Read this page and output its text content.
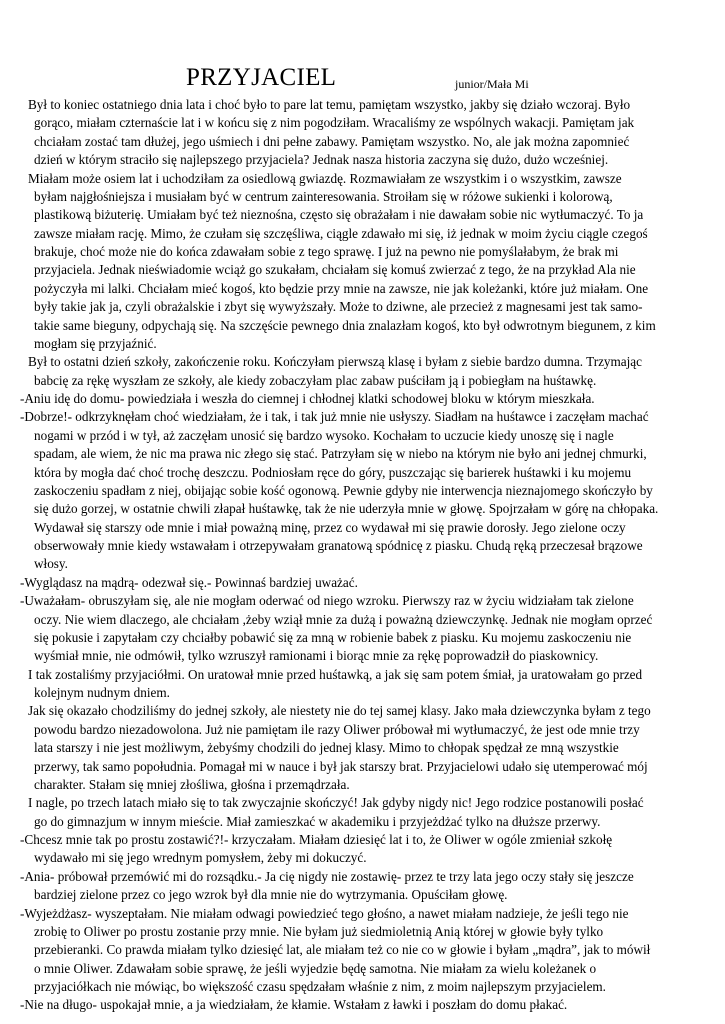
PRZYJACIEL	junior/Mała Mi
Był to koniec ostatniego dnia lata i choć było to pare lat temu, pamiętam wszystko, jakby się działo wczoraj. Było
gorąco, miałam czternaście lat i w końcu się z nim pogodziłam. Wracaliśmy ze wspólnych wakacji. Pamiętam jak
chciałam zostać tam dłużej, jego uśmiech i dni pełne zabawy. Pamiętam wszystko. No, ale jak można zapomnieć
dzień w którym straciło się najlepszego przyjaciela? Jednak nasza historia zaczyna się dużo, dużo wcześniej.
Miałam może osiem lat i uchodziłam za osiedlową gwiazdę. Rozmawiałam ze wszystkim i o wszystkim, zawsze
byłam najgłośniejsza i musiałam być w centrum zainteresowania. Stroiłam się w różowe sukienki i kolorową,
plastikową biżuterię. Umiałam być też nieznośna, często się obrażałam i nie dawałam sobie nic wytłumaczyć. To ja
zawsze miałam rację. Mimo, że czułam się szczęśliwa, ciągle zdawało mi się, iż jednak w moim życiu ciągle czegoś
brakuje, choć może nie do końca zdawałam sobie z tego sprawę. I już na pewno nie pomyślałabym, że brak mi
przyjaciela. Jednak nieświadomie wciąż go szukałam, chciałam się komuś zwierzać z tego, że na przykład Ala nie
pożyczyła mi lalki. Chciałam mieć kogoś, kto będzie przy mnie na zawsze, nie jak koleżanki, które już miałam. One
były takie jak ja, czyli obrażalskie i zbyt się wywyższały. Może to dziwne, ale przecież z magnesami jest tak samo-
takie same bieguny, odpychają się. Na szczęście pewnego dnia znalazłam kogoś, kto był odwrotnym biegunem, z kim
mogłam się przyjaźnić.
Był to ostatni dzień szkoły, zakończenie roku. Kończyłam pierwszą klasę i byłam z siebie bardzo dumna. Trzymając
babcię za rękę wyszłam ze szkoły, ale kiedy zobaczyłam plac zabaw puściłam ją i pobiegłam na huśtawkę.
-Aniu idę do domu- powiedziała i weszła do ciemnej i chłodnej klatki schodowej bloku w którym mieszkała.
-Dobrze!- odkrzyknęłam choć wiedziałam, że i tak, i tak już mnie nie usłyszy. Siadłam na huśtawce i zaczęłam machać
nogami w przód i w tył, aż zaczęłam unosić się bardzo wysoko. Kochałam to uczucie kiedy unoszę się i nagle
spadam, ale wiem, że nic ma prawa nic złego się stać. Patrzyłam się w niebo na którym nie było ani jednej chmurki,
która by mogła dać choć trochę deszczu. Podniosłam ręce do góry, puszczając się barierek huśtawki i ku mojemu
zaskoczeniu spadłam z niej, obijając sobie kość ogonową. Pewnie gdyby nie interwencja nieznajomego skończyło by
się dużo gorzej, w ostatnie chwili złapał huśtawkę, tak że nie uderzyła mnie w głowę. Spojrzałam w górę na chłopaka.
Wydawał się starszy ode mnie i miał poważną minę, przez co wydawał mi się prawie dorosły. Jego zielone oczy
obserwowały mnie kiedy wstawałam i otrzepywałam granatową spódnicę z piasku. Chudą ręką przeczesał brązowe
włosy.
-Wyglądasz na mądrą- odezwał się.- Powinnaś bardziej uważać.
-Uważałam- obruszyłam się, ale nie mogłam oderwać od niego wzroku. Pierwszy raz w życiu widziałam tak zielone
oczy. Nie wiem dlaczego, ale chciałam ,żeby wziął mnie za dużą i poważną dziewczynkę. Jednak nie mogłam oprzeć
się pokusie i zapytałam czy chciałby pobawić się za mną w robienie babek z piasku. Ku mojemu zaskoczeniu nie
wyśmiał mnie, nie odmówił, tylko wzruszył ramionami i biorąc mnie za rękę poprowadził do piaskownicy.
I tak zostaliśmy przyjaciółmi. On uratował mnie przed huśtawką, a jak się sam potem śmiał, ja uratowałam go przed
kolejnym nudnym dniem.
Jak się okazało chodziliśmy do jednej szkoły, ale niestety nie do tej samej klasy. Jako mała dziewczynka byłam z tego
powodu bardzo niezadowolona. Już nie pamiętam ile razy Oliwer próbował mi wytłumaczyć, że jest ode mnie trzy
lata starszy i nie jest możliwym, żebyśmy chodzili do jednej klasy. Mimo to chłopak spędzał ze mną wszystkie
przerwy, tak samo popołudnia. Pomagał mi w nauce i był jak starszy brat. Przyjacielowi udało się utemperować mój
charakter. Stałam się mniej złośliwa, głośna i przemądrzała.
I nagle, po trzech latach miało się to tak zwyczajnie skończyć! Jak gdyby nigdy nic! Jego rodzice postanowili posłać
go do gimnazjum w innym mieście. Miał zamieszkać w akademiku i przyjeżdżać tylko na dłuższe przerwy.
-Chcesz mnie tak po prostu zostawić?!- krzyczałam. Miałam dziesięć lat i to, że Oliwer w ogóle zmieniał szkołę
wydawało mi się jego wrednym pomysłem, żeby mi dokuczyć.
-Ania- próbował przemówić mi do rozsądku.- Ja cię nigdy nie zostawię- przez te trzy lata jego oczy stały się jeszcze
bardziej zielone przez co jego wzrok był dla mnie nie do wytrzymania. Opuściłam głowę.
-Wyjeżdżasz- wyszeptałam. Nie miałam odwagi powiedzieć tego głośno, a nawet miałam nadzieje, że jeśli tego nie
zrobię to Oliwer po prostu zostanie przy mnie. Nie byłam już siedmioletnią Anią której w głowie były tylko
przebieranki. Co prawda miałam tylko dziesięć lat, ale miałam też co nie co w głowie i byłam „mądra”, jak to mówił
o mnie Oliwer. Zdawałam sobie sprawę, że jeśli wyjedzie będę samotna. Nie miałam za wielu koleżanek o
przyjaciółkach nie mówiąc, bo większość czasu spędzałam właśnie z nim, z moim najlepszym przyjacielem.
-Nie na długo- uspokajał mnie, a ja wiedziałam, że kłamie. Wstałam z ławki i poszłam do domu płakać.
